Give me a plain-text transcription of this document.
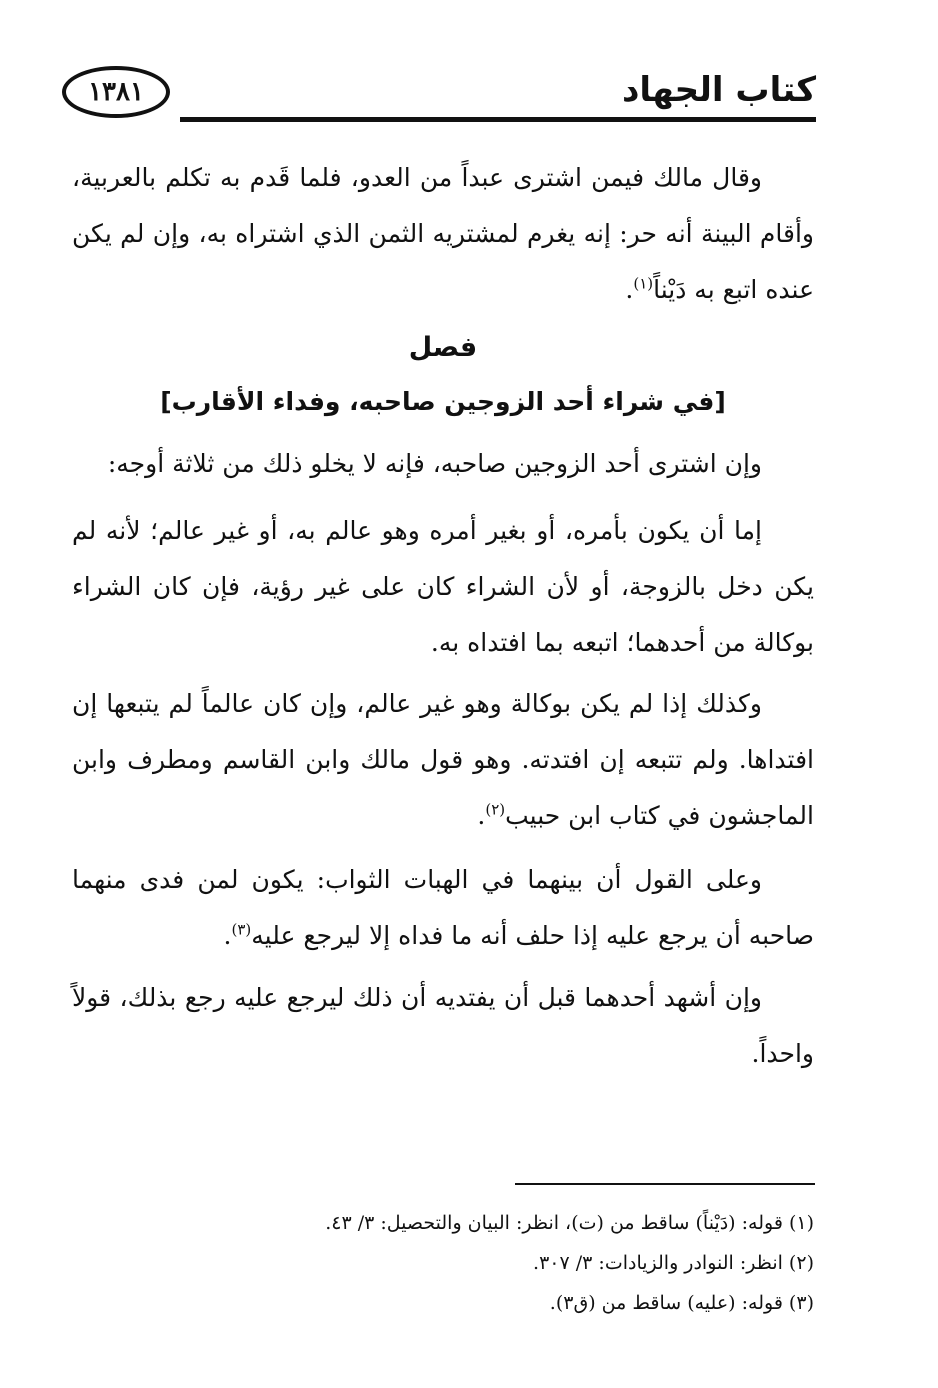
١٣٨١	كتاب الجهاد

وقال مالك فيمن اشترى عبداً من العدو، فلما قَدم به تكلم بالعربية، وأقام البينة أنه حر: إنه يغرم لمشتريه الثمن الذي اشتراه به، وإن لم يكن عنده اتبع به دَيْناً$^{(١)}$.

فصل
[في شراء أحد الزوجين صاحبه، وفداء الأقارب]

وإن اشترى أحد الزوجين صاحبه، فإنه لا يخلو ذلك من ثلاثة أوجه:

إما أن يكون بأمره، أو بغير أمره وهو عالم به، أو غير عالم؛ لأنه لم يكن دخل بالزوجة، أو لأن الشراء كان على غير رؤية، فإن كان الشراء بوكالة من أحدهما؛ اتبعه بما افتداه به.

وكذلك إذا لم يكن بوكالة وهو غير عالم، وإن كان عالماً لم يتبعها إن افتداها. ولم تتبعه إن افتدته. وهو قول مالك وابن القاسم ومطرف وابن الماجشون في كتاب ابن حبيب$^{(٢)}$.

وعلى القول أن بينهما في الهبات الثواب: يكون لمن فدى منهما صاحبه أن يرجع عليه إذا حلف أنه ما فداه إلا ليرجع عليه$^{(٣)}$.

وإن أشهد أحدهما قبل أن يفتديه أن ذلك ليرجع عليه رجع بذلك، قولاً واحداً.

(١) قوله: (دَيْناً) ساقط من (ت)، انظر: البيان والتحصيل: ٣/ ٤٣.

(٢) انظر: النوادر والزيادات: ٣/ ٣٠٧.

(٣) قوله: (عليه) ساقط من (ق٣).
